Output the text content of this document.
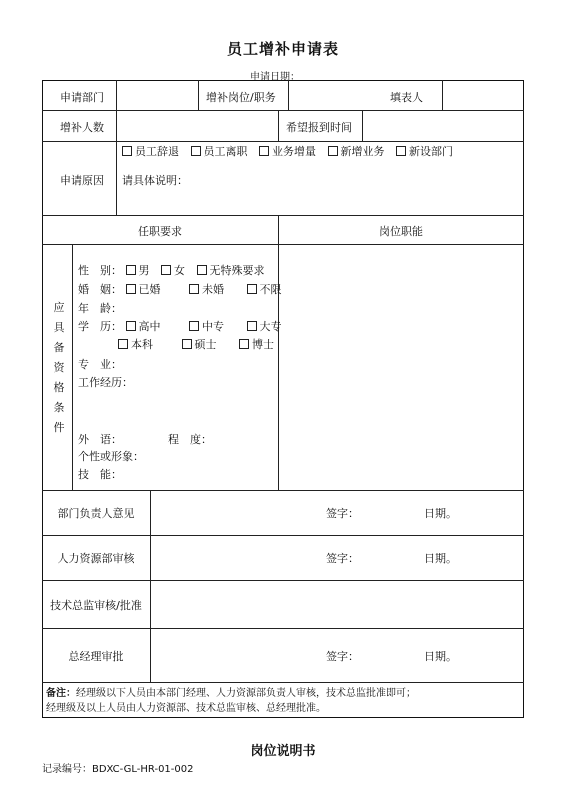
员工增补申请表
申请日期：
申请部门	增补岗位/职务	填表人
增补人数	希望报到时间
申请原因
员工辞退 员工离职 业务增量 新增业务 新设部门
请具体说明：
任职要求	岗位职能
应
具
备
资
格
条
件
性　别： 男 女 无特殊要求
婚　姻： 已婚	未婚	不限
年　龄：
学　历： 高中	中专	大专
本科	硕士	博士
专　业：
工作经历：
外　语：	程　度：
个性或形象：
技　能：
部门负责人意见	签字：	日期。
人力资源部审核	签字：	日期。
技术总监审核/批准
总经理审批	签字：	日期。
备注：经理级以下人员由本部门经理、人力资源部负责人审核，技术总监批准即可；
经理级及以上人员由人力资源部、技术总监审核、总经理批准。
岗位说明书
记录编号：BDXC-GL-HR-01-002
